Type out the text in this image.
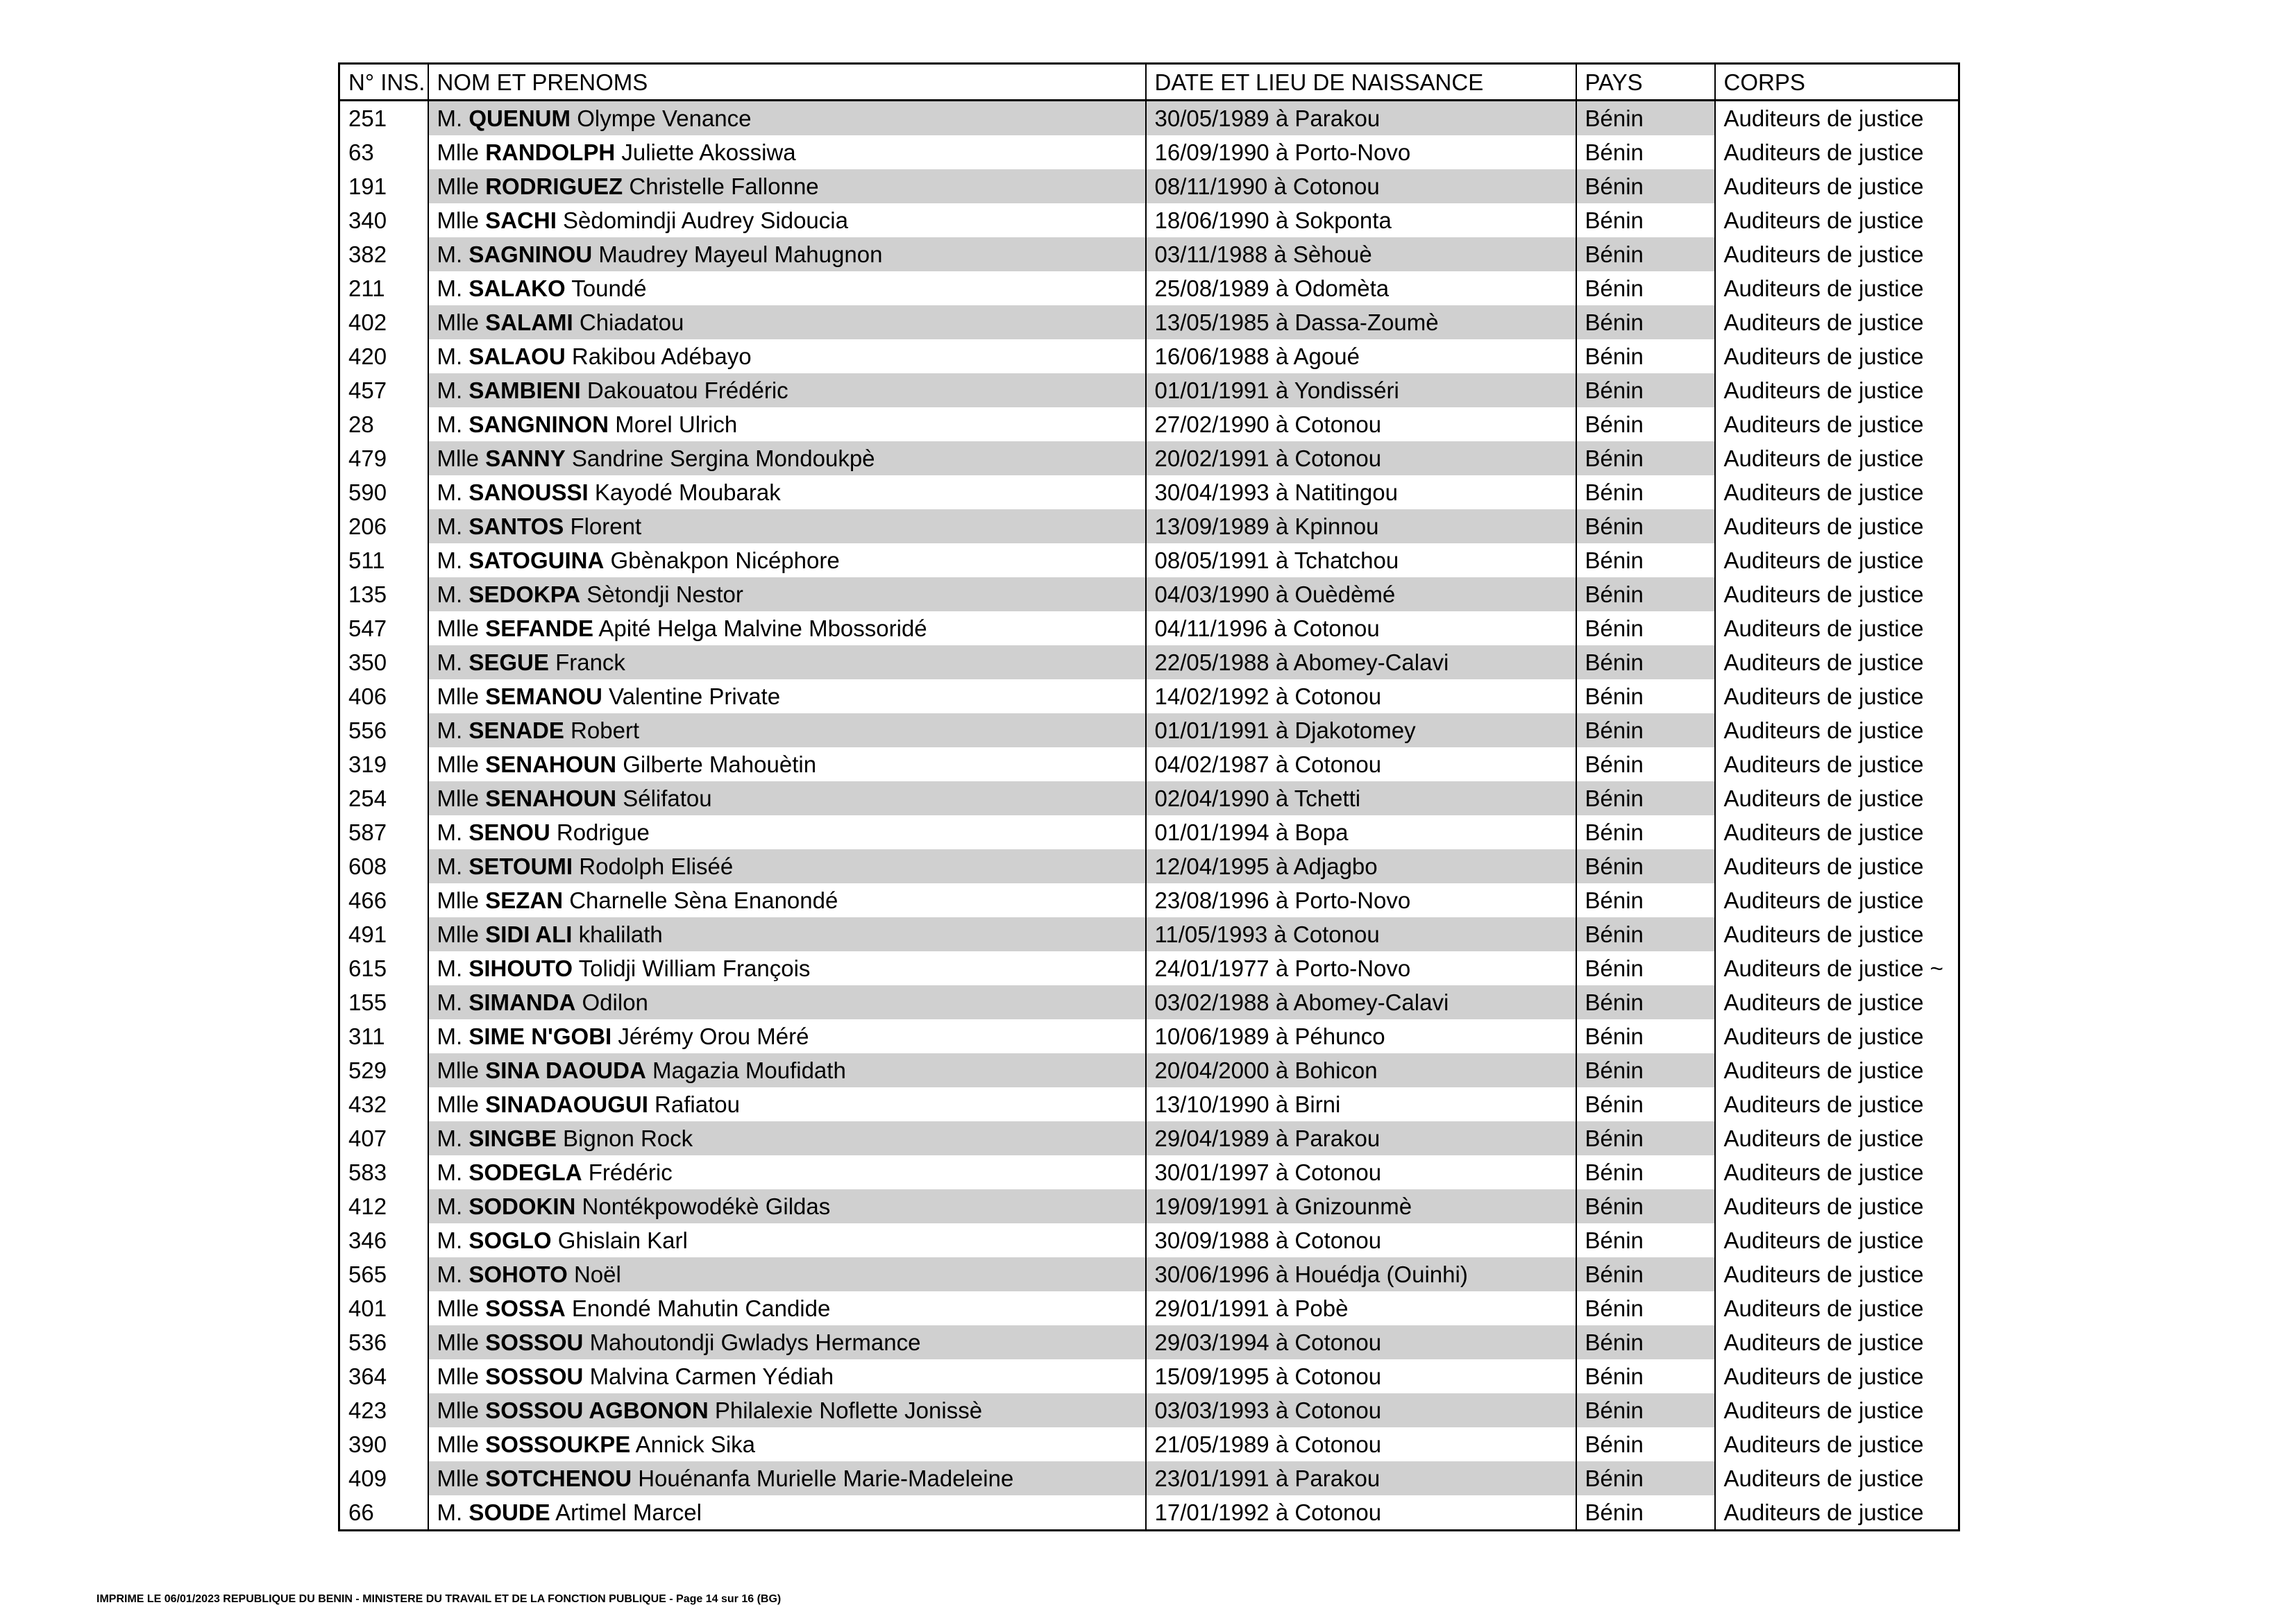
N° INS.	NOM ET PRENOMS	DATE ET LIEU DE NAISSANCE	PAYS	CORPS
251	M. QUENUM Olympe Venance	30/05/1989 à Parakou	Bénin	Auditeurs de justice
63	Mlle RANDOLPH Juliette Akossiwa	16/09/1990 à Porto-Novo	Bénin	Auditeurs de justice
191	Mlle RODRIGUEZ Christelle Fallonne	08/11/1990 à Cotonou	Bénin	Auditeurs de justice
340	Mlle SACHI Sèdomindji Audrey Sidoucia	18/06/1990 à Sokponta	Bénin	Auditeurs de justice
382	M. SAGNINOU Maudrey Mayeul Mahugnon	03/11/1988 à Sèhouè	Bénin	Auditeurs de justice
211	M. SALAKO Toundé	25/08/1989 à Odomèta	Bénin	Auditeurs de justice
402	Mlle SALAMI Chiadatou	13/05/1985 à Dassa-Zoumè	Bénin	Auditeurs de justice
420	M. SALAOU Rakibou Adébayo	16/06/1988 à Agoué	Bénin	Auditeurs de justice
457	M. SAMBIENI Dakouatou Frédéric	01/01/1991 à Yondisséri	Bénin	Auditeurs de justice
28	M. SANGNINON Morel Ulrich	27/02/1990 à Cotonou	Bénin	Auditeurs de justice
479	Mlle SANNY Sandrine Sergina Mondoukpè	20/02/1991 à Cotonou	Bénin	Auditeurs de justice
590	M. SANOUSSI Kayodé Moubarak	30/04/1993 à Natitingou	Bénin	Auditeurs de justice
206	M. SANTOS Florent	13/09/1989 à Kpinnou	Bénin	Auditeurs de justice
511	M. SATOGUINA Gbènakpon Nicéphore	08/05/1991 à Tchatchou	Bénin	Auditeurs de justice
135	M. SEDOKPA Sètondji Nestor	04/03/1990 à Ouèdèmé	Bénin	Auditeurs de justice
547	Mlle SEFANDE Apité Helga Malvine Mbossoridé	04/11/1996 à Cotonou	Bénin	Auditeurs de justice
350	M. SEGUE Franck	22/05/1988 à Abomey-Calavi	Bénin	Auditeurs de justice
406	Mlle SEMANOU Valentine Private	14/02/1992 à Cotonou	Bénin	Auditeurs de justice
556	M. SENADE Robert	01/01/1991 à Djakotomey	Bénin	Auditeurs de justice
319	Mlle SENAHOUN Gilberte Mahouètin	04/02/1987 à Cotonou	Bénin	Auditeurs de justice
254	Mlle SENAHOUN Sélifatou	02/04/1990 à Tchetti	Bénin	Auditeurs de justice
587	M. SENOU Rodrigue	01/01/1994 à Bopa	Bénin	Auditeurs de justice
608	M. SETOUMI Rodolph Eliséé	12/04/1995 à Adjagbo	Bénin	Auditeurs de justice
466	Mlle SEZAN Charnelle Sèna Enanondé	23/08/1996 à Porto-Novo	Bénin	Auditeurs de justice
491	Mlle SIDI ALI khalilath	11/05/1993 à Cotonou	Bénin	Auditeurs de justice
615	M. SIHOUTO Tolidji William François	24/01/1977 à Porto-Novo	Bénin	Auditeurs de justice ~
155	M. SIMANDA Odilon	03/02/1988 à Abomey-Calavi	Bénin	Auditeurs de justice
311	M. SIME N'GOBI Jérémy Orou Méré	10/06/1989 à Péhunco	Bénin	Auditeurs de justice
529	Mlle SINA DAOUDA Magazia Moufidath	20/04/2000 à Bohicon	Bénin	Auditeurs de justice
432	Mlle SINADAOUGUI Rafiatou	13/10/1990 à Birni	Bénin	Auditeurs de justice
407	M. SINGBE Bignon Rock	29/04/1989 à Parakou	Bénin	Auditeurs de justice
583	M. SODEGLA Frédéric	30/01/1997 à Cotonou	Bénin	Auditeurs de justice
412	M. SODOKIN Nontékpowodékè Gildas	19/09/1991 à Gnizounmè	Bénin	Auditeurs de justice
346	M. SOGLO Ghislain Karl	30/09/1988 à Cotonou	Bénin	Auditeurs de justice
565	M. SOHOTO Noël	30/06/1996 à Houédja (Ouinhi)	Bénin	Auditeurs de justice
401	Mlle SOSSA Enondé Mahutin Candide	29/01/1991 à Pobè	Bénin	Auditeurs de justice
536	Mlle SOSSOU Mahoutondji Gwladys Hermance	29/03/1994 à Cotonou	Bénin	Auditeurs de justice
364	Mlle SOSSOU Malvina Carmen Yédiah	15/09/1995 à Cotonou	Bénin	Auditeurs de justice
423	Mlle SOSSOU AGBONON Philalexie Noflette Jonissè	03/03/1993 à Cotonou	Bénin	Auditeurs de justice
390	Mlle SOSSOUKPE Annick Sika	21/05/1989 à Cotonou	Bénin	Auditeurs de justice
409	Mlle SOTCHENOU Houénanfa Murielle Marie-Madeleine	23/01/1991 à Parakou	Bénin	Auditeurs de justice
66	M. SOUDE Artimel Marcel	17/01/1992 à Cotonou	Bénin	Auditeurs de justice
IMPRIME LE 06/01/2023 REPUBLIQUE DU BENIN - MINISTERE DU TRAVAIL ET DE LA FONCTION PUBLIQUE - Page 14 sur 16 (BG)
